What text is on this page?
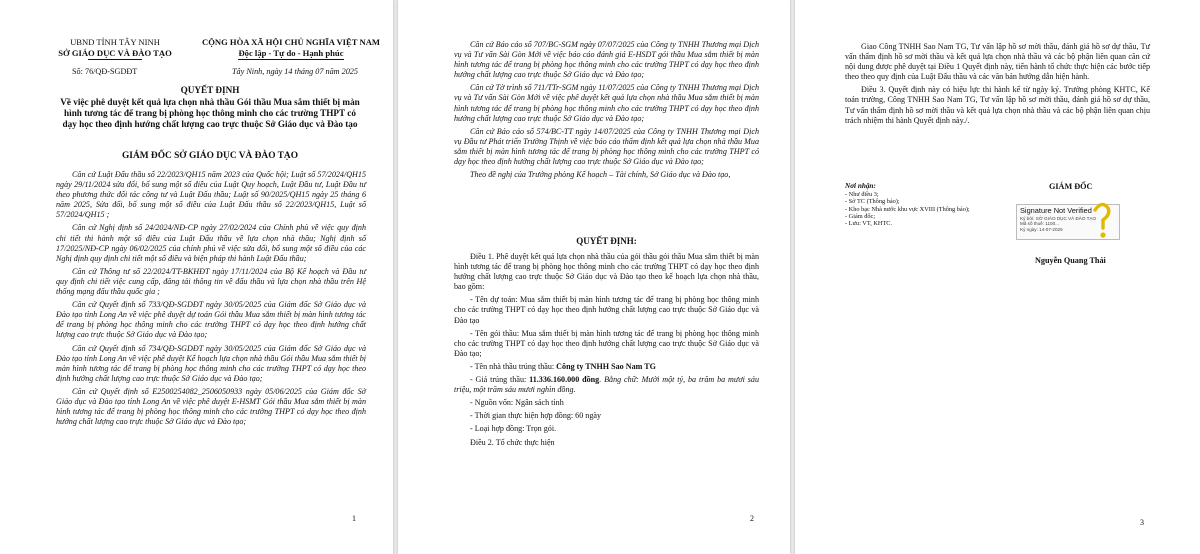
UBND TỈNH TÂY NINH
SỞ GIÁO DỤC VÀ ĐÀO TẠO
CỘNG HÒA XÃ HỘI CHỦ NGHĨA VIỆT NAM
Độc lập - Tự do - Hạnh phúc
Số: 76/QĐ-SGDĐT	Tây Ninh, ngày 14 tháng 07 năm 2025
QUYẾT ĐỊNH
Về việc phê duyệt kết quả lựa chọn nhà thầu Gói thầu Mua sắm thiết bị màn hình tương tác để trang bị phòng học thông minh cho các trường THPT có dạy học theo định hướng chất lượng cao trực thuộc Sở Giáo dục và Đào tạo
GIÁM ĐỐC SỞ GIÁO DỤC VÀ ĐÀO TẠO

Căn cứ Luật Đấu thầu số 22/2023/QH15 năm 2023 của Quốc hội; Luật số 57/2024/QH15 ngày 29/11/2024 sửa đổi, bổ sung một số điều của Luật Quy hoạch, Luật Đầu tư, Luật Đầu tư theo phương thức đối tác công tư và Luật Đấu thầu; Luật số 90/2025/QH15 ngày 25 tháng 6 năm 2025, Sửa đổi, bổ sung một số điều của Luật Đấu thầu số 22/2023/QH15, Luật số 57/2024/QH15 ;

Căn cứ Nghị định số 24/2024/NĐ-CP ngày 27/02/2024 của Chính phủ về việc quy định chi tiết thi hành một số điều của Luật Đấu thầu về lựa chọn nhà thầu; Nghị định số 17/2025/NĐ-CP ngày 06/02/2025 của chính phủ về việc sửa đổi, bổ sung một số điều của các Nghị định quy định chi tiết một số điều và biện pháp thi hành Luật Đấu thầu;

Căn cứ Thông tư số 22/2024/TT-BKHĐT ngày 17/11/2024 của Bộ Kế hoạch và Đầu tư quy định chi tiết việc cung cấp, đăng tải thông tin về đấu thầu và lựa chọn nhà thầu trên Hệ thống mạng đấu thầu quốc gia ;

Căn cứ Quyết định số 733/QĐ-SGDĐT ngày 30/05/2025 của Giám đốc Sở Giáo dục và Đào tạo tỉnh Long An về việc phê duyệt dự toán Gói thầu Mua sắm thiết bị màn hình tương tác để trang bị phòng học thông minh cho các trường THPT có dạy học theo định hướng chất lượng cao trực thuộc Sở Giáo dục và Đào tạo;

Căn cứ Quyết định số 734/QĐ-SGDĐT ngày 30/05/2025 của Giám đốc Sở Giáo dục và Đào tạo tỉnh Long An về việc phê duyệt Kế hoạch lựa chọn nhà thầu Gói thầu Mua sắm thiết bị màn hình tương tác để trang bị phòng học thông minh cho các trường THPT có dạy học theo định hướng chất lượng cao trực thuộc Sở Giáo dục và Đào tạo;

Căn cứ Quyết định số E2500254082_2506050933 ngày 05/06/2025 của Giám đốc Sở Giáo dục và Đào tạo tỉnh Long An về việc phê duyệt E-HSMT Gói thầu Mua sắm thiết bị màn hình tương tác để trang bị phòng học thông minh cho các trường THPT có dạy học theo định hướng chất lượng cao trực thuộc Sở Giáo dục và Đào tạo;

1

Căn cứ Báo cáo số 707/BC-SGM ngày 07/07/2025 của Công ty TNHH Thương mại Dịch vụ và Tư vấn Sài Gòn Mới về việc báo cáo đánh giá E-HSDT gói thầu Mua sắm thiết bị màn hình tương tác để trang bị phòng học thông minh cho các trường THPT có dạy học theo định hướng chất lượng cao trực thuộc Sở Giáo dục và Đào tạo;

Căn cứ Tờ trình số 711/TTr-SGM ngày 11/07/2025 của Công ty TNHH Thương mại Dịch vụ và Tư vấn Sài Gòn Mới về việc phê duyệt kết quả lựa chọn nhà thầu Mua sắm thiết bị màn hình tương tác để trang bị phòng học thông minh cho các trường THPT có dạy học theo định hướng chất lượng cao trực thuộc Sở Giáo dục và Đào tạo;

Căn cứ Báo cáo số 574/BC-TT ngày 14/07/2025 của Công ty TNHH Thương mại Dịch vụ Đầu tư Phát triển Trường Thịnh về việc báo cáo thẩm định kết quả lựa chọn nhà thầu Mua sắm thiết bị màn hình tương tác để trang bị phòng học thông minh cho các trường THPT có dạy học theo định hướng chất lượng cao trực thuộc Sở Giáo dục và Đào tạo;

Theo đề nghị của Trưởng phòng Kế hoạch – Tài chính, Sở Giáo dục và Đào tạo,

QUYẾT ĐỊNH:

Điều 1. Phê duyệt kết quả lựa chọn nhà thầu của gói thầu gói thầu Mua sắm thiết bị màn hình tương tác để trang bị phòng học thông minh cho các trường THPT có dạy học theo định hướng chất lượng cao trực thuộc Sở Giáo dục và Đào tạo theo kế hoạch lựa chọn nhà thầu, bao gồm:

- Tên dự toán: Mua sắm thiết bị màn hình tương tác để trang bị phòng học thông minh cho các trường THPT có dạy học theo định hướng chất lượng cao trực thuộc Sở Giáo dục và Đào tạo

- Tên gói thầu: Mua sắm thiết bị màn hình tương tác để trang bị phòng học thông minh cho các trường THPT có dạy học theo định hướng chất lượng cao trực thuộc Sở Giáo dục và Đào tạo;

- Tên nhà thầu trúng thầu: Công ty TNHH Sao Nam TG

- Giá trúng thầu: 11.336.160.000 đồng. Bằng chữ: Mười một tỷ, ba trăm ba mươi sáu triệu, một trăm sáu mươi nghìn đồng.

- Nguồn vốn: Ngân sách tỉnh

- Thời gian thực hiện hợp đồng: 60 ngày

- Loại hợp đồng: Trọn gói.

Điều 2. Tổ chức thực hiện

2

Giao Công TNHH Sao Nam TG, Tư vấn lập hồ sơ mời thầu, đánh giá hồ sơ dự thầu, Tư vấn thẩm định hồ sơ mời thầu và kết quả lựa chọn nhà thầu và các bộ phận liên quan căn cứ nội dung được phê duyệt tại Điều 1 Quyết định này, tiến hành tổ chức thực hiện các bước tiếp theo theo quy định của Luật Đấu thầu và các văn bản hướng dẫn hiện hành.

Điều 3. Quyết định này có hiệu lực thi hành kể từ ngày ký. Trưởng phòng KHTC, Kế toán trường, Công TNHH Sao Nam TG, Tư vấn lập hồ sơ mời thầu, đánh giá hồ sơ dự thầu, Tư vấn thẩm định hồ sơ mời thầu và kết quả lựa chọn nhà thầu và các bộ phận liên quan chịu trách nhiệm thi hành Quyết định này./.

Nơi nhận:
- Như điều 3;
- Sở TC (Thông báo);
- Kho bạc Nhà nước khu vực XVIII (Thông báo);
- Giám đốc;
- Lưu: VT, KHTC.
GIÁM ĐỐC
Signature Not Verified
Ký bởi: SỞ GIÁO DỤC VÀ ĐÀO TẠO
Mã số thuế: 1100...
Ký ngày: 14-07-2025
Nguyễn Quang Thái
3
